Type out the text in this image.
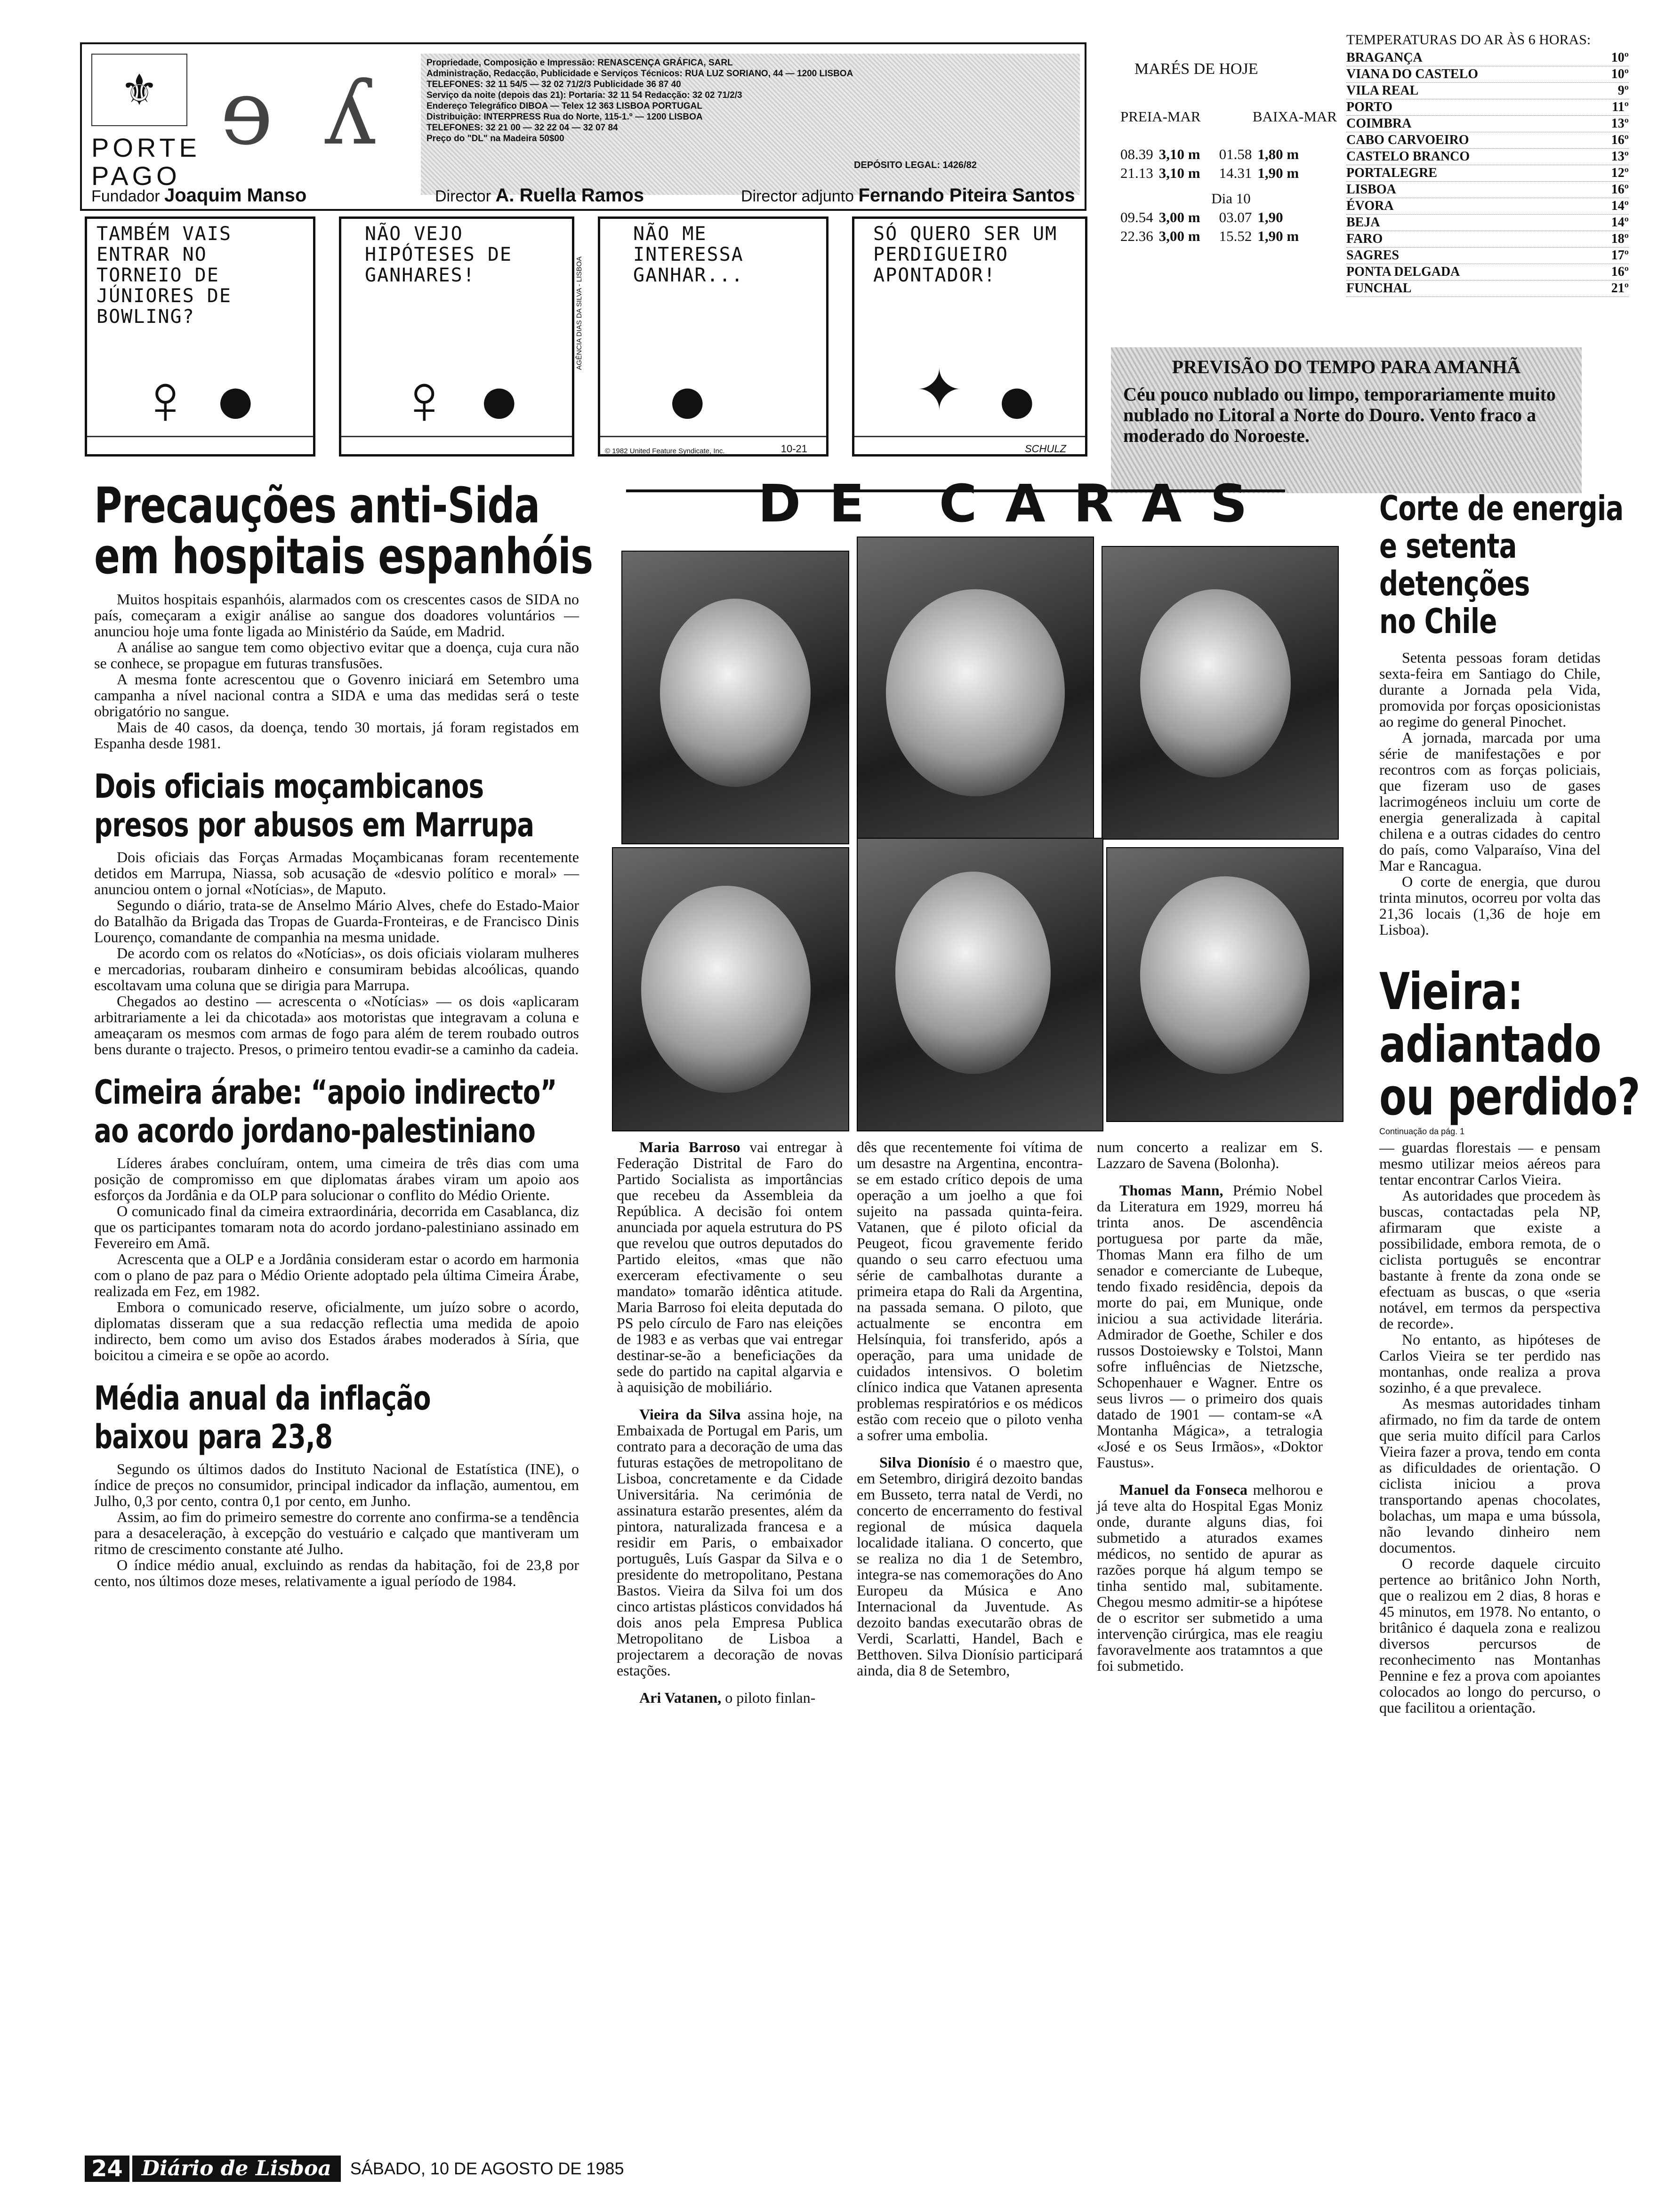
⚜
PORTE
PAGO
ɘ ʎ	Propriedade, Composição e Impressão: RENASCENÇA GRÁFICA, SARL
Administração, Redacção, Publicidade e Serviços Técnicos: RUA LUZ SORIANO, 44 — 1200 LISBOA
TELEFONES: 32 11 54/5 — 32 02 71/2/3 Publicidade 36 87 40
Serviço da noite (depois das 21): Portaria: 32 11 54 Redacção: 32 02 71/2/3
Endereço Telegráfico DIBOA — Telex 12 363 LISBOA PORTUGAL
Distribuição: INTERPRESS Rua do Norte, 115-1.º — 1200 LISBOA
TELEFONES: 32 21 00 — 32 22 04 — 32 07 84
Preço do "DL" na Madeira 50$00
DEPÓSITO LEGAL: 1426/82
Fundador Joaquim Manso	Director A. Ruella Ramos	Director adjunto Fernando Piteira Santos
TAMBÉM VAIS ENTRAR NO TORNEIO DE JÚNIORES DE BOWLING?
♀ ●
NÃO VEJO HIPÓTESES DE GANHARES!
♀ ●
AGÊNCIA DIAS DA SILVA - LISBOA
NÃO ME INTERESSA GANHAR...
●
© 1982 United Feature Syndicate, Inc.	10-21
SÓ QUERO SER UM PERDIGUEIRO APONTADOR!
✦ ●
SCHULZ
MARÉS DE HOJE
PREIA-MAR	BAIXA-MAR
08.39 3,10 m 01.58 1,80 m
21.13 3,10 m 14.31 1,90 m
Dia 10
09.54 3,00 m 03.07 1,90
22.36 3,00 m 15.52 1,90 m
TEMPERATURAS DO AR ÀS 6 HORAS:
BRAGANÇA	10º
VIANA DO CASTELO	10º
VILA REAL	9º
PORTO	11º
COIMBRA	13º
CABO CARVOEIRO	16º
CASTELO BRANCO	13º
PORTALEGRE	12º
LISBOA	16º
ÉVORA	14º
BEJA	14º
FARO	18º
SAGRES	17º
PONTA DELGADA	16º
FUNCHAL	21º
PREVISÃO DO TEMPO PARA AMANHÃ
Céu pouco nublado ou limpo, temporariamente muito nublado no Litoral a Norte do Douro. Vento fraco a moderado do Noroeste.
Precauções anti-Sida
em hospitais espanhóis

Muitos hospitais espanhóis, alarmados com os crescentes casos de SIDA no país, começaram a exigir análise ao sangue dos doadores voluntários — anunciou hoje uma fonte ligada ao Ministério da Saúde, em Madrid.

A análise ao sangue tem como objectivo evitar que a doença, cuja cura não se conhece, se propague em futuras transfusões.

A mesma fonte acrescentou que o Govenro iniciará em Setembro uma campanha a nível nacional contra a SIDA e uma das medidas será o teste obrigatório no sangue.

Mais de 40 casos, da doença, tendo 30 mortais, já foram registados em Espanha desde 1981.

Dois oficiais moçambicanos
presos por abusos em Marrupa

Dois oficiais das Forças Armadas Moçambicanas foram recentemente detidos em Marrupa, Niassa, sob acusação de «desvio político e moral» — anunciou ontem o jornal «Notícias», de Maputo.

Segundo o diário, trata-se de Anselmo Mário Alves, chefe do Estado-Maior do Batalhão da Brigada das Tropas de Guarda-Fronteiras, e de Francisco Dinis Lourenço, comandante de companhia na mesma unidade.

De acordo com os relatos do «Notícias», os dois oficiais violaram mulheres e mercadorias, roubaram dinheiro e consumiram bebidas alcoólicas, quando escoltavam uma coluna que se dirigia para Marrupa.

Chegados ao destino — acrescenta o «Notícias» — os dois «aplicaram arbitrariamente a lei da chicotada» aos motoristas que integravam a coluna e ameaçaram os mesmos com armas de fogo para além de terem roubado outros bens durante o trajecto. Presos, o primeiro tentou evadir-se a caminho da cadeia.

Cimeira árabe: “apoio indirecto”
ao acordo jordano-palestiniano

Líderes árabes concluíram, ontem, uma cimeira de três dias com uma posição de compromisso em que diplomatas árabes viram um apoio aos esforços da Jordânia e da OLP para solucionar o conflito do Médio Oriente.

O comunicado final da cimeira extraordinária, decorrida em Casablanca, diz que os participantes tomaram nota do acordo jordano-palestiniano assinado em Fevereiro em Amã.

Acrescenta que a OLP e a Jordânia consideram estar o acordo em harmonia com o plano de paz para o Médio Oriente adoptado pela última Cimeira Árabe, realizada em Fez, em 1982.

Embora o comunicado reserve, oficialmente, um juízo sobre o acordo, diplomatas disseram que a sua redacção reflectia uma medida de apoio indirecto, bem como um aviso dos Estados árabes moderados à Síria, que boicitou a cimeira e se opõe ao acordo.

Média anual da inflação
baixou para 23,8

Segundo os últimos dados do Instituto Nacional de Estatística (INE), o índice de preços no consumidor, principal indicador da inflação, aumentou, em Julho, 0,3 por cento, contra 0,1 por cento, em Junho.

Assim, ao fim do primeiro semestre do corrente ano confirma-se a tendência para a desaceleração, à excepção do vestuário e calçado que mantiveram um ritmo de crescimento constante até Julho.

O índice médio anual, excluindo as rendas da habitação, foi de 23,8 por cento, nos últimos doze meses, relativamente a igual período de 1984.

DE CARAS

Maria Barroso vai entregar à Federação Distrital de Faro do Partido Socialista as importâncias que recebeu da Assembleia da República. A decisão foi ontem anunciada por aquela estrutura do PS que revelou que outros deputados do Partido eleitos, «mas que não exerceram efectivamente o seu mandato» tomarão idêntica atitude. Maria Barroso foi eleita deputada do PS pelo círculo de Faro nas eleições de 1983 e as verbas que vai entregar destinar-se-ão a beneficiações da sede do partido na capital algarvia e à aquisição de mobiliário.

Vieira da Silva assina hoje, na Embaixada de Portugal em Paris, um contrato para a decoração de uma das futuras estações de metropolitano de Lisboa, concretamente e da Cidade Universitária. Na cerimónia de assinatura estarão presentes, além da pintora, naturalizada francesa e a residir em Paris, o embaixador português, Luís Gaspar da Silva e o presidente do metropolitano, Pestana Bastos. Vieira da Silva foi um dos cinco artistas plásticos convidados há dois anos pela Empresa Publica Metropolitano de Lisboa a projectarem a decoração de novas estações.

Ari Vatanen, o piloto finlan-

dês que recentemente foi vítima de um desastre na Argentina, encontra-se em estado crítico depois de uma operação a um joelho a que foi sujeito na passada quinta-feira. Vatanen, que é piloto oficial da Peugeot, ficou gravemente ferido quando o seu carro efectuou uma série de cambalhotas durante a primeira etapa do Rali da Argentina, na passada semana. O piloto, que actualmente se encontra em Helsínquia, foi transferido, após a operação, para uma unidade de cuidados intensivos. O boletim clínico indica que Vatanen apresenta problemas respiratórios e os médicos estão com receio que o piloto venha a sofrer uma embolia.

Silva Dionísio é o maestro que, em Setembro, dirigirá dezoito bandas em Busseto, terra natal de Verdi, no concerto de encerramento do festival regional de música daquela localidade italiana. O concerto, que se realiza no dia 1 de Setembro, integra-se nas comemorações do Ano Europeu da Música e Ano Internacional da Juventude. As dezoito bandas executarão obras de Verdi, Scarlatti, Handel, Bach e Betthoven. Silva Dionísio participará ainda, dia 8 de Setembro,

num concerto a realizar em S. Lazzaro de Savena (Bolonha).

Thomas Mann, Prémio Nobel da Literatura em 1929, morreu há trinta anos. De ascendência portuguesa por parte da mãe, Thomas Mann era filho de um senador e comerciante de Lubeque, tendo fixado residência, depois da morte do pai, em Munique, onde iniciou a sua actividade literária. Admirador de Goethe, Schiler e dos russos Dostoiewsky e Tolstoi, Mann sofre influências de Nietzsche, Schopenhauer e Wagner. Entre os seus livros — o primeiro dos quais datado de 1901 — contam-se «A Montanha Mágica», a tetralogia «José e os Seus Irmãos», «Doktor Faustus».

Manuel da Fonseca melhorou e já teve alta do Hospital Egas Moniz onde, durante alguns dias, foi submetido a aturados exames médicos, no sentido de apurar as razões porque há algum tempo se tinha sentido mal, subitamente. Chegou mesmo admitir-se a hipótese de o escritor ser submetido a uma intervenção cirúrgica, mas ele reagiu favoravelmente aos tratamntos a que foi submetido.

Corte de energia
e setenta
detenções
no Chile

Setenta pessoas foram detidas sexta-feira em Santiago do Chile, durante a Jornada pela Vida, promovida por forças oposicionistas ao regime do general Pinochet.

A jornada, marcada por uma série de manifestações e por recontros com as forças policiais, que fizeram uso de gases lacrimogéneos incluiu um corte de energia generalizada à capital chilena e a outras cidades do centro do país, como Valparaíso, Vina del Mar e Rancagua.

O corte de energia, que durou trinta minutos, ocorreu por volta das 21,36 locais (1,36 de hoje em Lisboa).

Vieira:
adiantado
ou perdido?
Continuação da pág. 1

— guardas florestais — e pensam mesmo utilizar meios aéreos para tentar encontrar Carlos Vieira.

As autoridades que procedem às buscas, contactadas pela NP, afirmaram que existe a possibilidade, embora remota, de o ciclista português se encontrar bastante à frente da zona onde se efectuam as buscas, o que «seria notável, em termos da perspectiva de recorde».

No entanto, as hipóteses de Carlos Vieira se ter perdido nas montanhas, onde realiza a prova sozinho, é a que prevalece.

As mesmas autoridades tinham afirmado, no fim da tarde de ontem que seria muito difícil para Carlos Vieira fazer a prova, tendo em conta as dificuldades de orientação. O ciclista iniciou a prova transportando apenas chocolates, bolachas, um mapa e uma bússola, não levando dinheiro nem documentos.

O recorde daquele circuito pertence ao britânico John North, que o realizou em 2 dias, 8 horas e 45 minutos, em 1978. No entanto, o britânico é daquela zona e realizou diversos percursos de reconhecimento nas Montanhas Pennine e fez a prova com apoiantes colocados ao longo do percurso, o que facilitou a orientação.

24 Diário de Lisboa	SÁBADO, 10 DE AGOSTO DE 1985
